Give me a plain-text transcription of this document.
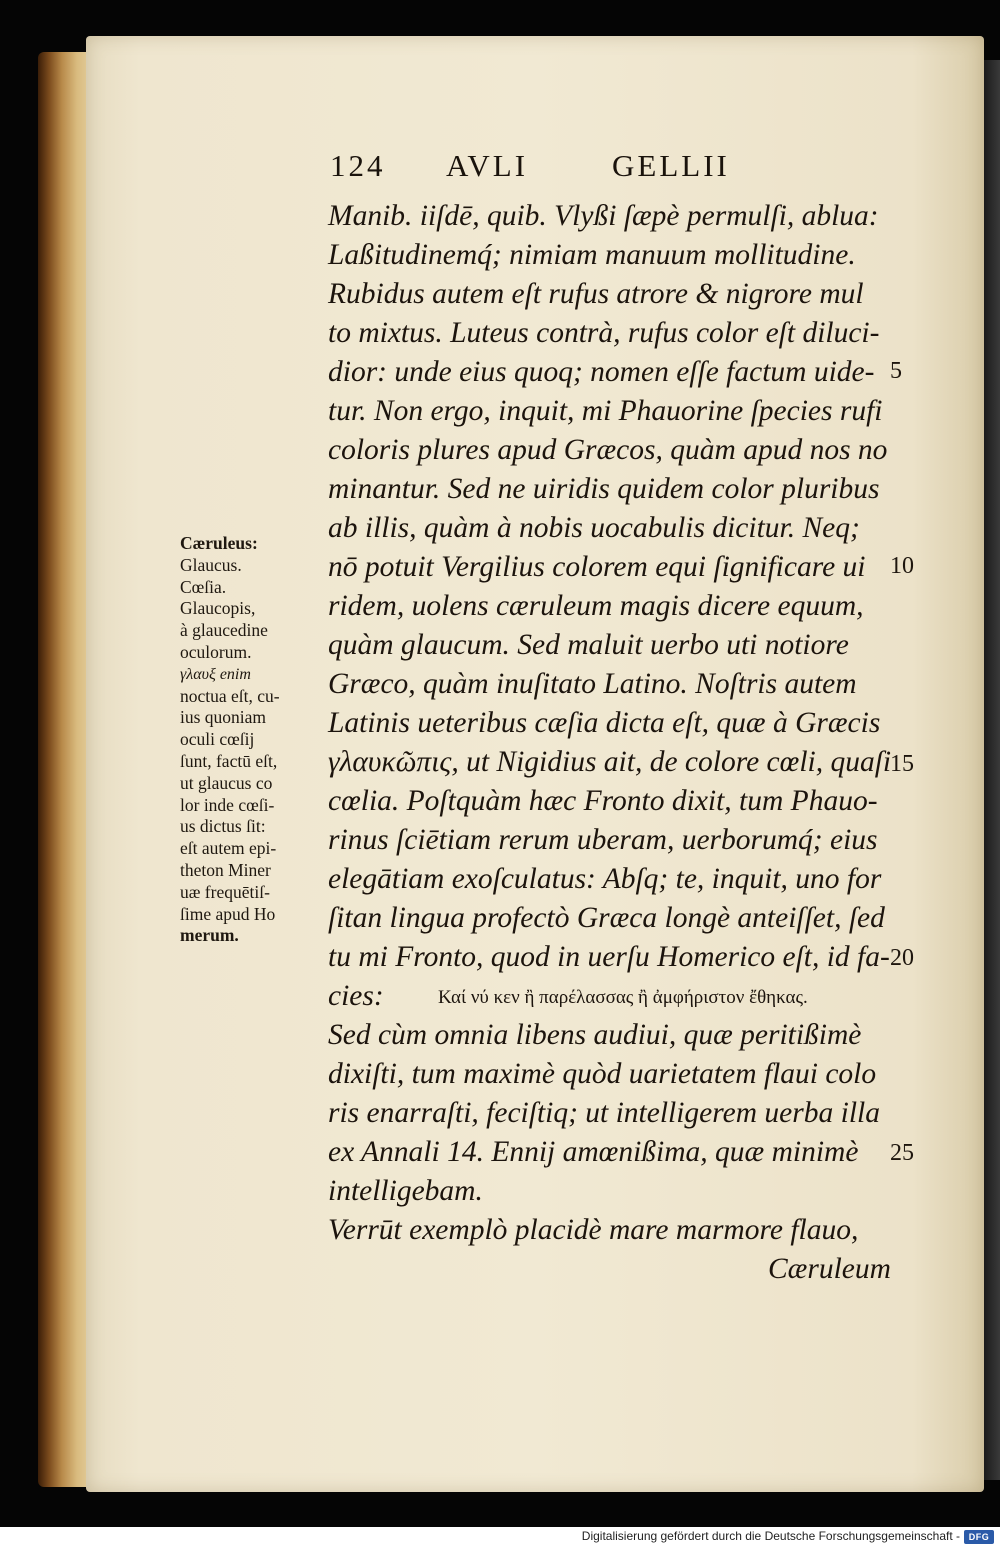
124 AVLI	GELLII
Manib. iiſdē, quib. Vlyßi ſæpè permulſi, ablua:
Laßitudinemq́; nimiam manuum mollitudine.
Rubidus autem eſt rufus atrore & nigrore mul
to mixtus. Luteus contrà, rufus color eſt diluci-
dior: unde eius quoq; nomen eſſe factum uide-
tur. Non ergo, inquit, mi Phauorine ſpecies rufi
coloris plures apud Græcos, quàm apud nos no
minantur. Sed ne uiridis quidem color pluribus
ab illis, quàm à nobis uocabulis dicitur. Neq;
nō potuit Vergilius colorem equi ſignificare ui
ridem, uolens cæruleum magis dicere equum,
quàm glaucum. Sed maluit uerbo uti notiore
Græco, quàm inuſitato Latino. Noſtris autem
Latinis ueteribus cæſia dicta eſt, quæ à Græcis
γλαυκῶπις, ut Nigidius ait, de colore cœli, quaſi
cœlia. Poſtquàm hæc Fronto dixit, tum Phauo-
rinus ſciētiam rerum uberam, uerborumq́; eius
elegātiam exoſculatus: Abſq; te, inquit, uno for
ſitan lingua profectò Græca longè anteiſſet, ſed
tu mi Fronto, quod in uerſu Homerico eſt, id fa-
cies:	Καί νύ κεν ἢ παρέλασσας ἢ ἀμφήριστον ἔθηκας.
Sed cùm omnia libens audiui, quæ peritißimè
dixiſti, tum maximè quòd uarietatem flaui colo
ris enarraſti, feciſtiq; ut intelligerem uerba illa
ex Annali 14. Ennij amœnißima, quæ minimè
intelligebam.
Verrūt exemplò placidè mare marmore flauo,
Cæruleum
5
10
15
20
25
Cæruleus:
Glaucus.
Cœſia.
Glaucopis,
à glaucedine
oculorum.
γλαυξ enim
noctua eſt, cu-
ius quoniam
oculi cœſij
ſunt, factū eſt,
ut glaucus co
lor inde cœſi-
us dictus ſit:
eſt autem epi-
theton Miner
uæ frequētiſ-
ſime apud Ho
merum.
Digitalisierung gefördert durch die Deutsche Forschungsgemeinschaft - DFG
